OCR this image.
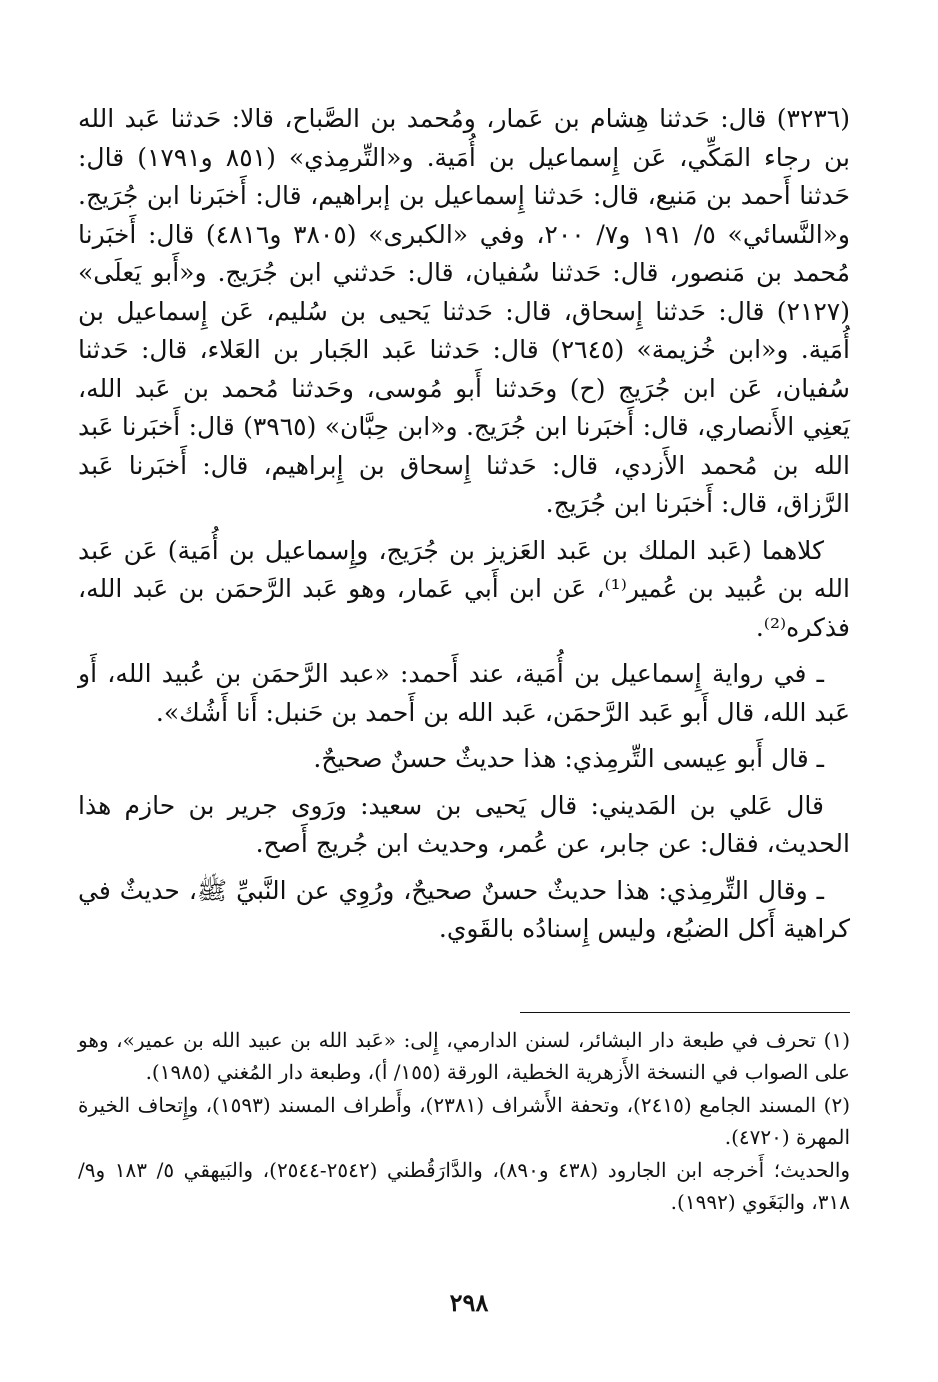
(٣٢٣٦) قال: حَدثنا هِشام بن عَمار، ومُحمد بن الصَّباح، قالا: حَدثنا عَبد الله بن رجاء المَكِّي، عَن إِسماعيل بن أُمَية. و«التِّرمِذي» (٨٥١ و١٧٩١) قال: حَدثنا أَحمد بن مَنيع، قال: حَدثنا إِسماعيل بن إبراهيم، قال: أَخبَرنا ابن جُرَيج. و«النَّسائي» ٥/ ١٩١ و٧/ ٢٠٠، وفي «الكبرى» (٣٨٠٥ و٤٨١٦) قال: أَخبَرنا مُحمد بن مَنصور، قال: حَدثنا سُفيان، قال: حَدثني ابن جُرَيج. و«أَبو يَعلَى» (٢١٢٧) قال: حَدثنا إِسحاق، قال: حَدثنا يَحيى بن سُليم، عَن إِسماعيل بن أُمَية. و«ابن خُزيمة» (٢٦٤٥) قال: حَدثنا عَبد الجَبار بن العَلاء، قال: حَدثنا سُفيان، عَن ابن جُرَيج (ح) وحَدثنا أَبو مُوسى، وحَدثنا مُحمد بن عَبد الله، يَعنِي الأَنصاري، قال: أَخبَرنا ابن جُرَيج. و«ابن حِبَّان» (٣٩٦٥) قال: أَخبَرنا عَبد الله بن مُحمد الأَزدي، قال: حَدثنا إِسحاق بن إِبراهيم، قال: أَخبَرنا عَبد الرَّزاق، قال: أَخبَرنا ابن جُرَيج.

كلاهما (عَبد الملك بن عَبد العَزيز بن جُرَيج، وإِسماعيل بن أُمَية) عَن عَبد الله بن عُبيد بن عُمير⁽¹⁾، عَن ابن أَبي عَمار، وهو عَبد الرَّحمَن بن عَبد الله، فذكره⁽²⁾.

ـ في رواية إِسماعيل بن أُمَية، عند أَحمد: «عبد الرَّحمَن بن عُبيد الله، أَو عَبد الله، قال أَبو عَبد الرَّحمَن، عَبد الله بن أَحمد بن حَنبل: أَنا أَشُك».

ـ قال أَبو عِيسى التِّرمِذي: هذا حديثٌ حسنٌ صحيحٌ.

قال عَلي بن المَديني: قال يَحيى بن سعيد: ورَوى جرير بن حازم هذا الحديث، فقال: عن جابر، عن عُمر، وحديث ابن جُريج أَصح.

ـ وقال التِّرمِذي: هذا حديثٌ حسنٌ صحيحٌ، ورُوِي عن النَّبيِّ ﷺ، حديثٌ في كراهية أَكل الضبُع، وليس إِسنادُه بالقَوي.

(١) تحرف في طبعة دار البشائر، لسنن الدارمي، إِلى: «عَبد الله بن عبيد الله بن عمير»، وهو على الصواب في النسخة الأَزهرية الخطية، الورقة (١٥٥/ أ)، وطبعة دار المُغني (١٩٨٥).

(٢) المسند الجامع (٢٤١٥)، وتحفة الأَشراف (٢٣٨١)، وأَطراف المسند (١٥٩٣)، وإِتحاف الخيرة المهرة (٤٧٢٠).

والحديث؛ أَخرجه ابن الجارود (٤٣٨ و٨٩٠)، والدَّارَقُطني (٢٥٤٢-٢٥٤٤)، والبَيهقي ٥/ ١٨٣ و٩/ ٣١٨، والبَغَوي (١٩٩٢).

٢٩٨
